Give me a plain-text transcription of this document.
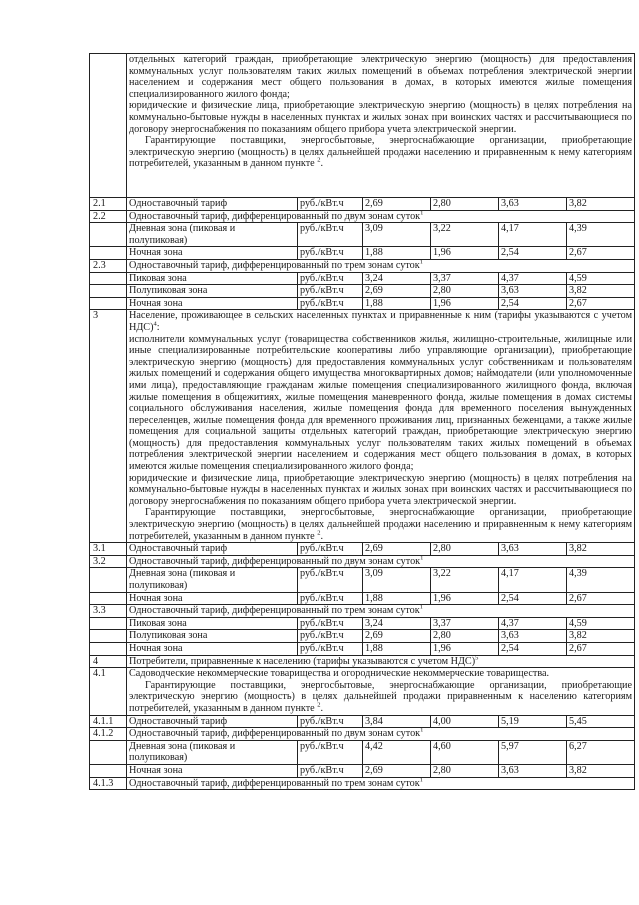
	отдельных категорий граждан, приобретающие электрическую энергию (мощность) для предоставления коммунальных услуг пользователям таких жилых помещений в объемах потребления электрической энергии населением и содержания мест общего пользования в домах, в которых имеются жилые помещения специализированного жилого фонда;

юридические и физические лица, приобретающие электрическую энергию (мощность) в целях потребления на коммунально-бытовые нужды в населенных пунктах и жилых зонах при воинских частях и рассчитывающиеся по договору энергоснабжения по показаниям общего прибора учета электрической энергии.

Гарантирующие поставщики, энергосбытовые, энергоснабжающие организации, приобретающие электрическую энергию (мощность) в целях дальнейшей продажи населению и приравненным к нему категориям потребителей, указанным в данном пункте $^2$.					

2.1	Одноставочный тариф	руб./кВт.ч	2,69	2,80	3,63	3,82
2.2	Одноставочный тариф, дифференцированный по двум зонам суток$^1$
	Дневная зона (пиковая и полупиковая)	руб./кВт.ч	3,09	3,22	4,17	4,39
	Ночная зона	руб./кВт.ч	1,88	1,96	2,54	2,67
2.3	Одноставочный тариф, дифференцированный по трем зонам суток$^1$
	Пиковая зона	руб./кВт.ч	3,24	3,37	4,37	4,59
	Полупиковая зона	руб./кВт.ч	2,69	2,80	3,63	3,82
	Ночная зона	руб./кВт.ч	1,88	1,96	2,54	2,67
3	Население, проживающее в сельских населенных пунктах и приравненные к ним (тарифы указываются с учетом НДС)$^4$:

исполнители коммунальных услуг (товарищества собственников жилья, жилищно-строительные, жилищные или иные специализированные потребительские кооперативы либо управляющие организации), приобретающие электрическую энергию (мощность) для предоставления коммунальных услуг собственникам и пользователям жилых помещений и содержания общего имущества многоквартирных домов; наймодатели (или уполномоченные ими лица), предоставляющие гражданам жилые помещения специализированного жилищного фонда, включая жилые помещения в общежитиях, жилые помещения маневренного фонда, жилые помещения в домах системы социального обслуживания населения, жилые помещения фонда для временного поселения вынужденных переселенцев, жилые помещения фонда для временного проживания лиц, признанных беженцами, а также жилые помещения для социальной защиты отдельных категорий граждан, приобретающие электрическую энергию (мощность) для предоставления коммунальных услуг пользователям таких жилых помещений в объемах потребления электрической энергии населением и содержания мест общего пользования в домах, в которых имеются жилые помещения специализированного жилого фонда;

юридические и физические лица, приобретающие электрическую энергию (мощность) в целях потребления на коммунально-бытовые нужды в населенных пунктах и жилых зонах при воинских частях и рассчитывающиеся по договору энергоснабжения по показаниям общего прибора учета электрической энергии.

Гарантирующие поставщики, энергосбытовые, энергоснабжающие организации, приобретающие электрическую энергию (мощность) в целях дальнейшей продажи населению и приравненным к нему категориям потребителей, указанным в данном пункте $^2$.					

3.1	Одноставочный тариф	руб./кВт.ч	2,69	2,80	3,63	3,82
3.2	Одноставочный тариф, дифференцированный по двум зонам суток$^1$
	Дневная зона (пиковая и полупиковая)	руб./кВт.ч	3,09	3,22	4,17	4,39
	Ночная зона	руб./кВт.ч	1,88	1,96	2,54	2,67
3.3	Одноставочный тариф, дифференцированный по трем зонам суток$^1$
	Пиковая зона	руб./кВт.ч	3,24	3,37	4,37	4,59
	Полупиковая зона	руб./кВт.ч	2,69	2,80	3,63	3,82
	Ночная зона	руб./кВт.ч	1,88	1,96	2,54	2,67
4	Потребители, приравненные к населению (тарифы указываются с учетом НДС)$^5$
4.1	Садоводческие некоммерческие товарищества и огороднические некоммерческие товарищества.

Гарантирующие поставщики, энергосбытовые, энергоснабжающие организации, приобретающие электрическую энергию (мощность) в целях дальнейшей продажи приравненным к населению категориям потребителей, указанным в данном пункте $^2$.					

4.1.1	Одноставочный тариф	руб./кВт.ч	3,84	4,00	5,19	5,45
4.1.2	Одноставочный тариф, дифференцированный по двум зонам суток$^1$
	Дневная зона (пиковая и полупиковая)	руб./кВт.ч	4,42	4,60	5,97	6,27
	Ночная зона	руб./кВт.ч	2,69	2,80	3,63	3,82
4.1.3	Одноставочный тариф, дифференцированный по трем зонам суток$^1$
